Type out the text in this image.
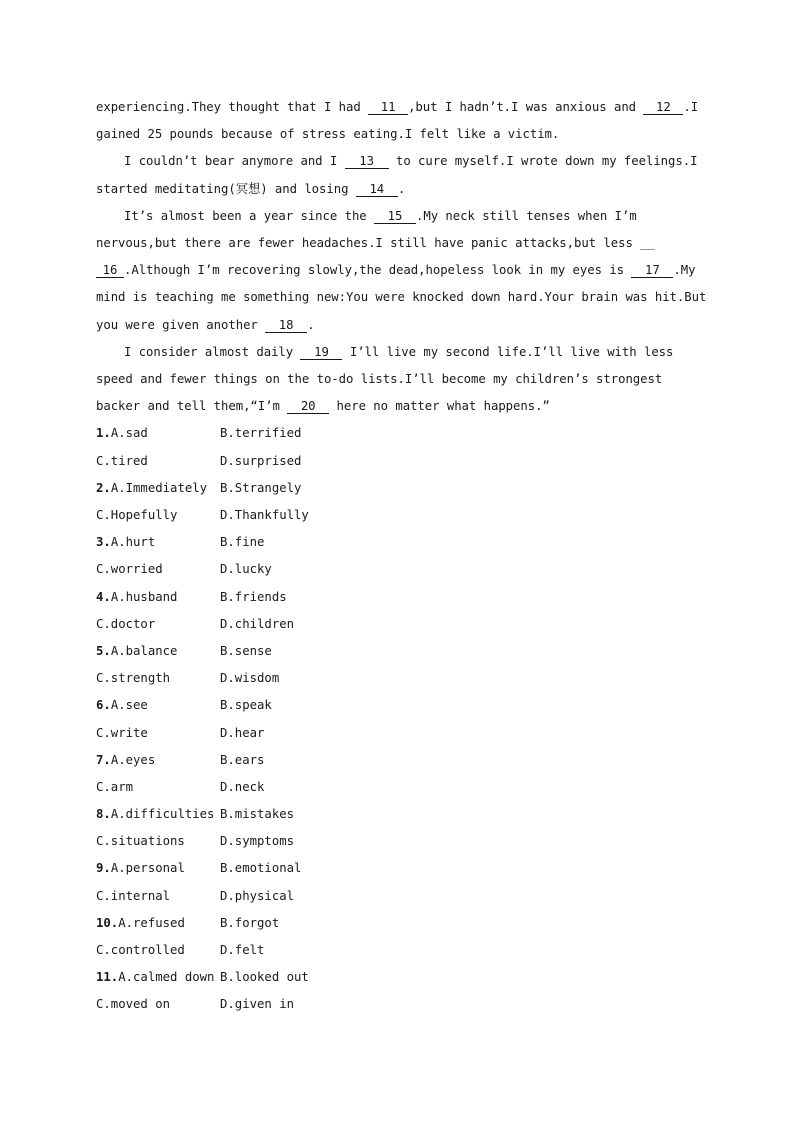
experiencing.They thought that I had 11 ,but I hadn’t.I was anxious and 12 .I

gained 25 pounds because of stress eating.I felt like a victim.

I couldn’t bear anymore and I 13 to cure myself.I wrote down my feelings.I

started meditating(冥想) and losing 14 .

It’s almost been a year since the 15 .My neck still tenses when I’m

nervous,but there are fewer headaches.I still have panic attacks,but less __

16 .Although I’m recovering slowly,the dead,hopeless look in my eyes is 17 .My

mind is teaching me something new:You were knocked down hard.Your brain was hit.But

you were given another 18 .

I consider almost daily 19 I’ll live my second life.I’ll live with less

speed and fewer things on the to-do lists.I’ll become my children’s strongest

backer and tell them,“I’m 20 here no matter what happens.”

1.A.sad	B.terrified
C.tired	D.surprised
2.A.Immediately	B.Strangely
C.Hopefully	D.Thankfully
3.A.hurt	B.fine
C.worried	D.lucky
4.A.husband	B.friends
C.doctor	D.children
5.A.balance	B.sense
C.strength	D.wisdom
6.A.see	B.speak
C.write	D.hear
7.A.eyes	B.ears
C.arm	D.neck
8.A.difficulties B.mistakes
C.situations	D.symptoms
9.A.personal	B.emotional
C.internal	D.physical
10.A.refused	B.forgot
C.controlled	D.felt
11.A.calmed down B.looked out
C.moved on	D.given in
